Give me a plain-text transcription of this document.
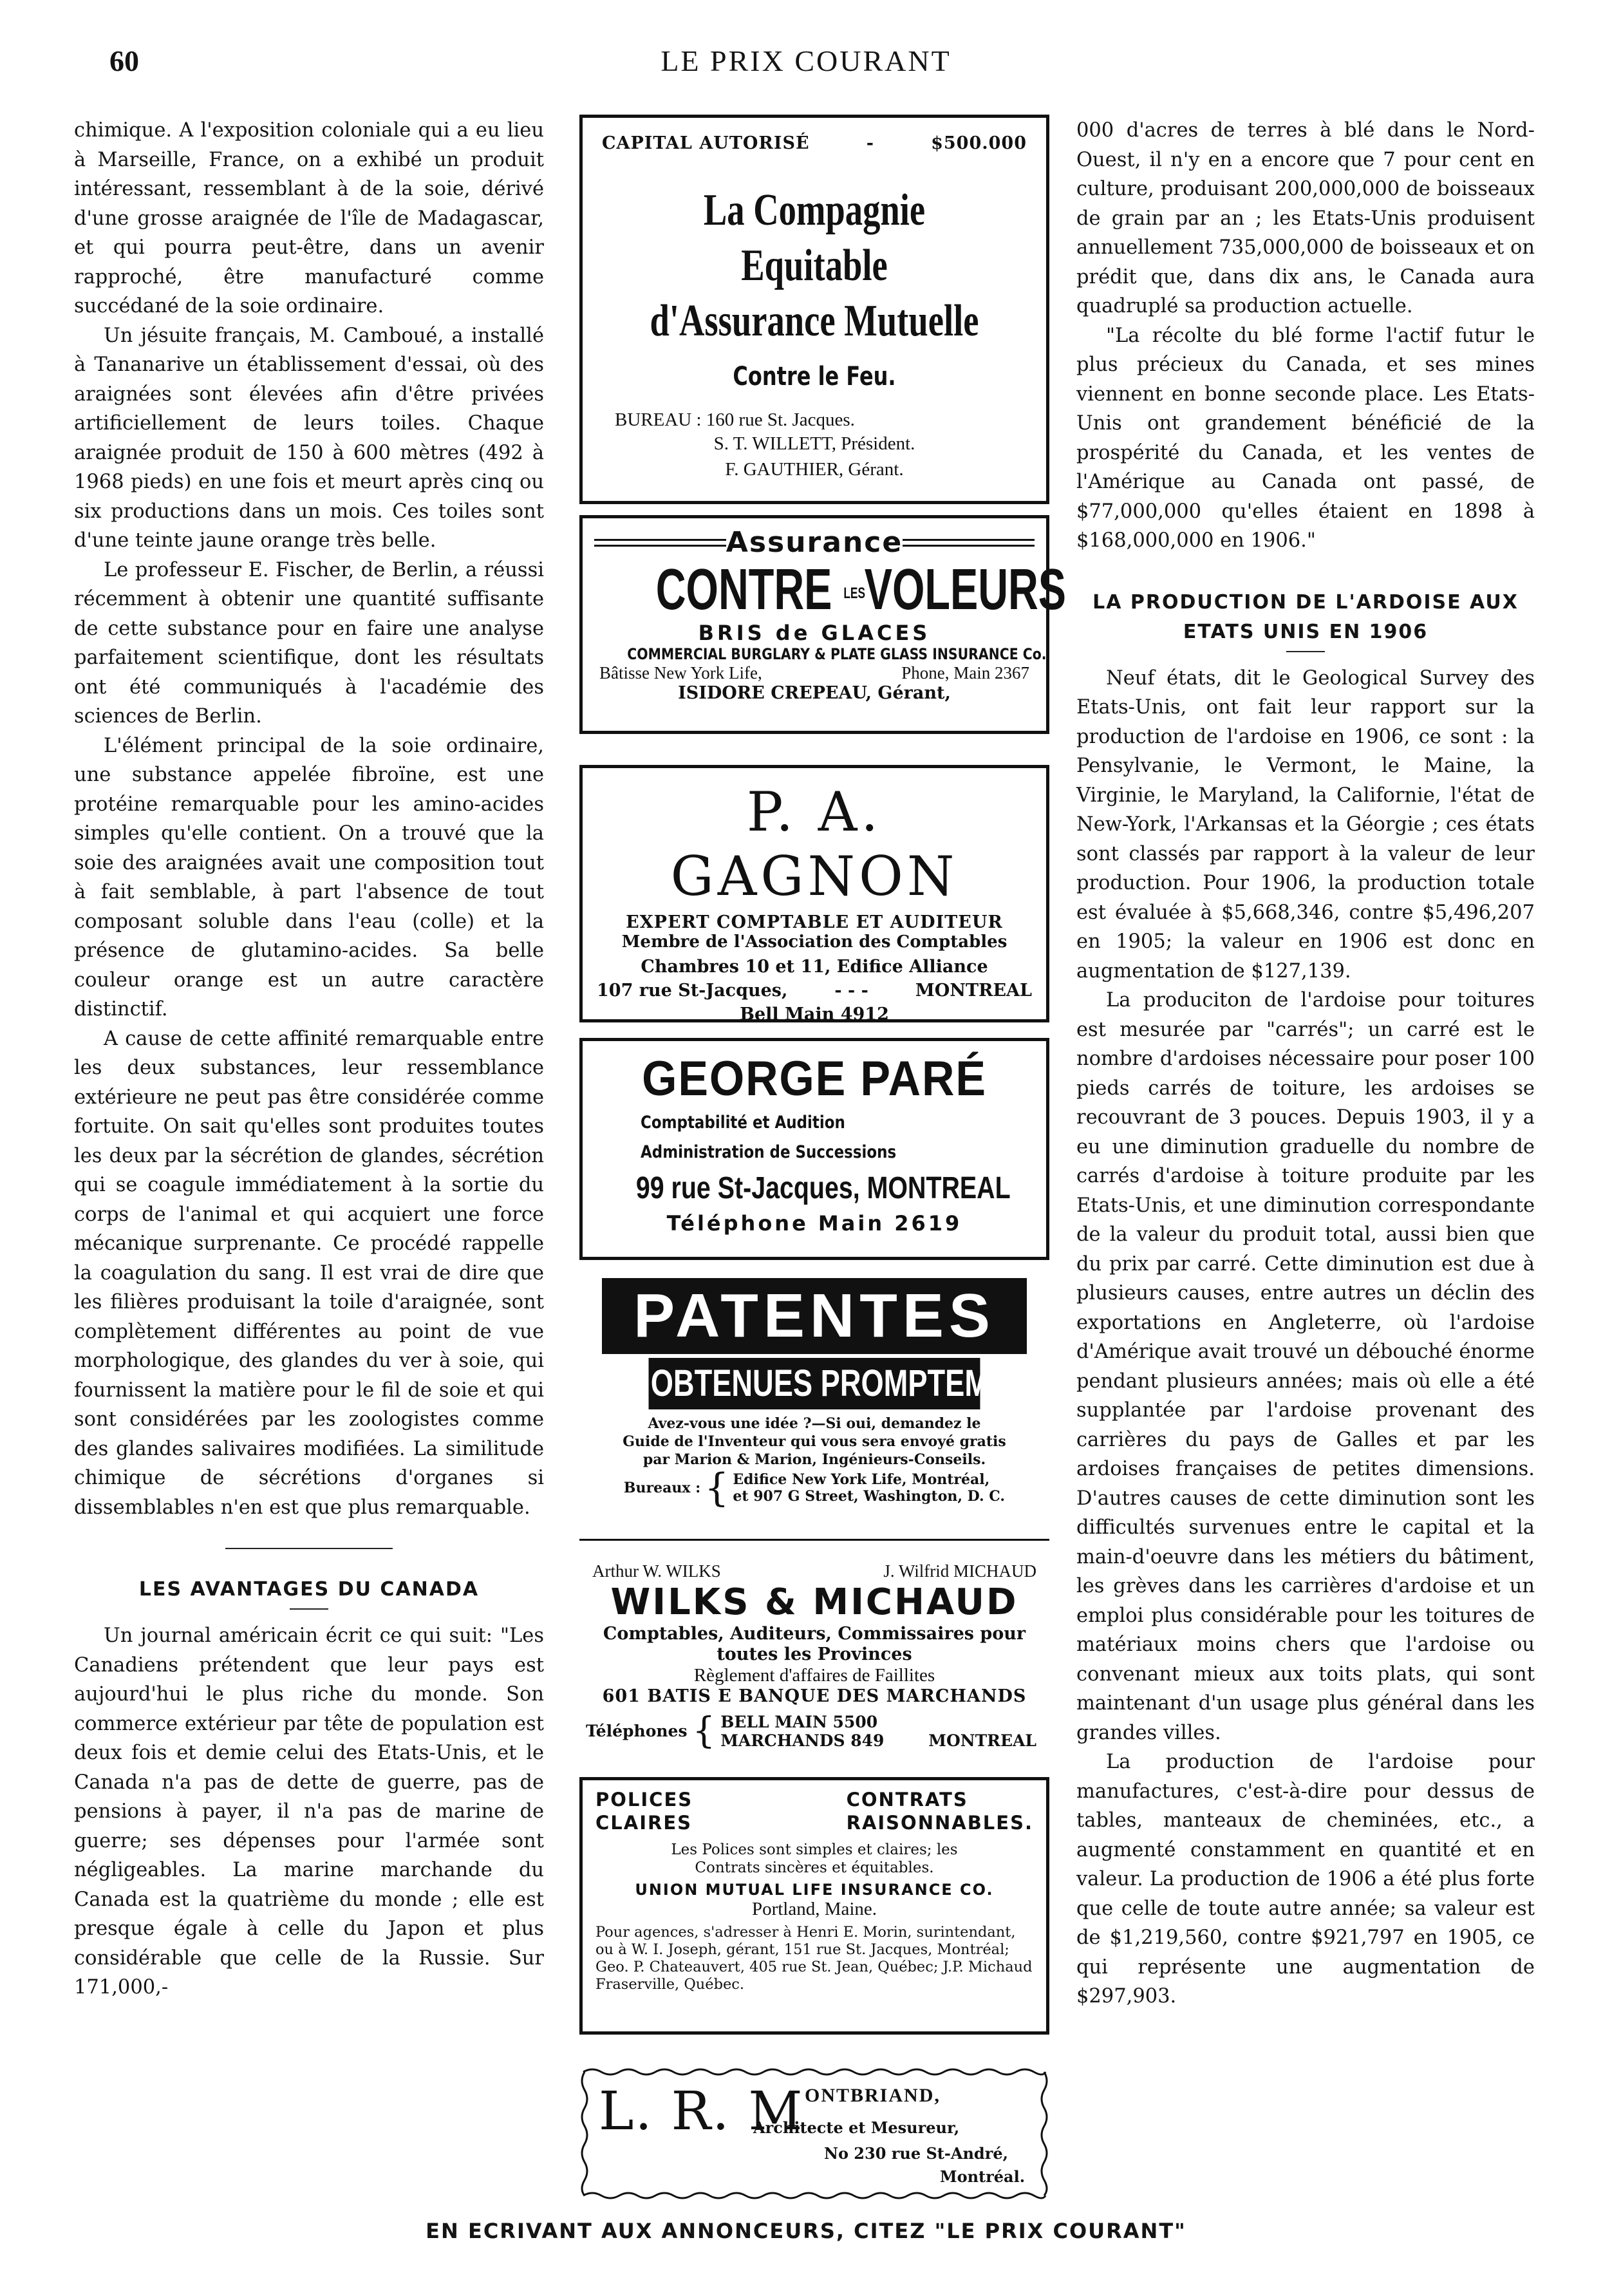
60	LE PRIX COURANT

chimique. A l'exposition coloniale qui a eu lieu à Marseille, France, on a exhibé un produit intéressant, ressemblant à de la soie, dérivé d'une grosse araignée de l'île de Madagascar, et qui pourra peut-être, dans un avenir rapproché, être manufacturé comme succédané de la soie ordinaire.

Un jésuite français, M. Camboué, a installé à Tananarive un établissement d'essai, où des araignées sont élevées afin d'être privées artificiellement de leurs toiles. Chaque araignée produit de 150 à 600 mètres (492 à 1968 pieds) en une fois et meurt après cinq ou six productions dans un mois. Ces toiles sont d'une teinte jaune orange très belle.

Le professeur E. Fischer, de Berlin, a réussi récemment à obtenir une quantité suffisante de cette substance pour en faire une analyse parfaitement scientifique, dont les résultats ont été communiqués à l'académie des sciences de Berlin.

L'élément principal de la soie ordinaire, une substance appelée fibroïne, est une protéine remarquable pour les amino-acides simples qu'elle contient. On a trouvé que la soie des araignées avait une composition tout à fait semblable, à part l'absence de tout composant soluble dans l'eau (colle) et la présence de glutamino-acides. Sa belle couleur orange est un autre caractère distinctif.

A cause de cette affinité remarquable entre les deux substances, leur ressemblance extérieure ne peut pas être considérée comme fortuite. On sait qu'elles sont produites toutes les deux par la sécrétion de glandes, sécrétion qui se coagule immédiatement à la sortie du corps de l'animal et qui acquiert une force mécanique surprenante. Ce procédé rappelle la coagulation du sang. Il est vrai de dire que les filières produisant la toile d'araignée, sont complètement différentes au point de vue morphologique, des glandes du ver à soie, qui fournissent la matière pour le fil de soie et qui sont considérées par les zoologistes comme des glandes salivaires modifiées. La similitude chimique de sécrétions d'organes si dissemblables n'en est que plus remarquable.

LES AVANTAGES DU CANADA

Un journal américain écrit ce qui suit: "Les Canadiens prétendent que leur pays est aujourd'hui le plus riche du monde. Son commerce extérieur par tête de population est deux fois et demie celui des Etats-Unis, et le Canada n'a pas de dette de guerre, pas de pensions à payer, il n'a pas de marine de guerre; ses dépenses pour l'armée sont négligeables. La marine marchande du Canada est la quatrième du monde ; elle est presque égale à celle du Japon et plus considérable que celle de la Russie. Sur 171,000,-

000 d'acres de terres à blé dans le Nord-Ouest, il n'y en a encore que 7 pour cent en culture, produisant 200,000,000 de boisseaux de grain par an ; les Etats-Unis produisent annuellement 735,000,000 de boisseaux et on prédit que, dans dix ans, le Canada aura quadruplé sa production actuelle.

"La récolte du blé forme l'actif futur le plus précieux du Canada, et ses mines viennent en bonne seconde place. Les Etats-Unis ont grandement bénéficié de la prospérité du Canada, et les ventes de l'Amérique au Canada ont passé, de $77,000,000 qu'elles étaient en 1898 à $168,000,000 en 1906."

LA PRODUCTION DE L'ARDOISE AUX ETATS UNIS EN 1906

Neuf états, dit le Geological Survey des Etats-Unis, ont fait leur rapport sur la production de l'ardoise en 1906, ce sont : la Pensylvanie, le Vermont, le Maine, la Virginie, le Maryland, la Californie, l'état de New-York, l'Arkansas et la Géorgie ; ces états sont classés par rapport à la valeur de leur production. Pour 1906, la production totale est évaluée à $5,668,346, contre $5,496,207 en 1905; la valeur en 1906 est donc en augmentation de $127,139.

La produciton de l'ardoise pour toitures est mesurée par "carrés"; un carré est le nombre d'ardoises nécessaire pour poser 100 pieds carrés de toiture, les ardoises se recouvrant de 3 pouces. Depuis 1903, il y a eu une diminution graduelle du nombre de carrés d'ardoise à toiture produite par les Etats-Unis, et une diminution correspondante de la valeur du produit total, aussi bien que du prix par carré. Cette diminution est due à plusieurs causes, entre autres un déclin des exportations en Angleterre, où l'ardoise d'Amérique avait trouvé un débouché énorme pendant plusieurs années; mais où elle a été supplantée par l'ardoise provenant des carrières du pays de Galles et par les ardoises françaises de petites dimensions. D'autres causes de cette diminution sont les difficultés survenues entre le capital et la main-d'oeuvre dans les métiers du bâtiment, les grèves dans les carrières d'ardoise et un emploi plus considérable pour les toitures de matériaux moins chers que l'ardoise ou convenant mieux aux toits plats, qui sont maintenant d'un usage plus général dans les grandes villes.

La production de l'ardoise pour manufactures, c'est-à-dire pour dessus de tables, manteaux de cheminées, etc., a augmenté constamment en quantité et en valeur. La production de 1906 a été plus forte que celle de toute autre année; sa valeur est de $1,219,560, contre $921,797 en 1905, ce qui représente une augmentation de $297,903.

CAPITAL AUTORISÉ	-	$500.000
La Compagnie Equitable
d'Assurance Mutuelle
Contre le Feu.
BUREAU : 160 rue St. Jacques.
S. T. WILLETT, Président.
F. GAUTHIER, Gérant.
Assurance
CONTRE LES VOLEURS
BRIS de GLACES
COMMERCIAL BURGLARY & PLATE GLASS INSURANCE Co.
Bâtisse New York Life,	Phone, Main 2367
ISIDORE CREPEAU, Gérant,
P. A. GAGNON
EXPERT COMPTABLE ET AUDITEUR
Membre de l'Association des Comptables
Chambres 10 et 11, Edifice Alliance
107 rue St-Jacques,	- - -	MONTREAL
Bell Main 4912
GEORGE PARÉ
Comptabilité et Audition
Administration de Successions
99 rue St-Jacques, MONTREAL
Téléphone Main 2619
PATENTES
OBTENUES PROMPTEMENT
Avez-vous une idée ?—Si oui, demandez le
Guide de l'Inventeur qui vous sera envoyé gratis
par Marion & Marion, Ingénieurs-Conseils.
Bureaux : { Edifice New York Life, Montréal,
et 907 G Street, Washington, D. C.
Arthur W. WILKS	J. Wilfrid MICHAUD
WILKS & MICHAUD
Comptables, Auditeurs, Commissaires pour
toutes les Provinces
Règlement d'affaires de Faillites
601 BATIS E BANQUE DES MARCHANDS
Téléphones { BELL MAIN 5500
MARCHANDS 849	MONTREAL
POLICES
CLAIRES
CONTRATS
RAISONNABLES.
Les Polices sont simples et claires; les
Contrats sincères et équitables.
UNION MUTUAL LIFE INSURANCE CO.
Portland, Maine.
Pour agences, s'adresser à Henri E. Morin, surintendant, ou à W. I. Joseph, gérant, 151 rue St. Jacques, Montréal; Geo. P. Chateauvert, 405 rue St. Jean, Québec; J.P. Michaud Fraserville, Québec.
L. R. M ONTBRIAND,
Architecte et Mesureur,
No 230 rue St-André,
Montréal.
EN ECRIVANT AUX ANNONCEURS, CITEZ "LE PRIX COURANT"
